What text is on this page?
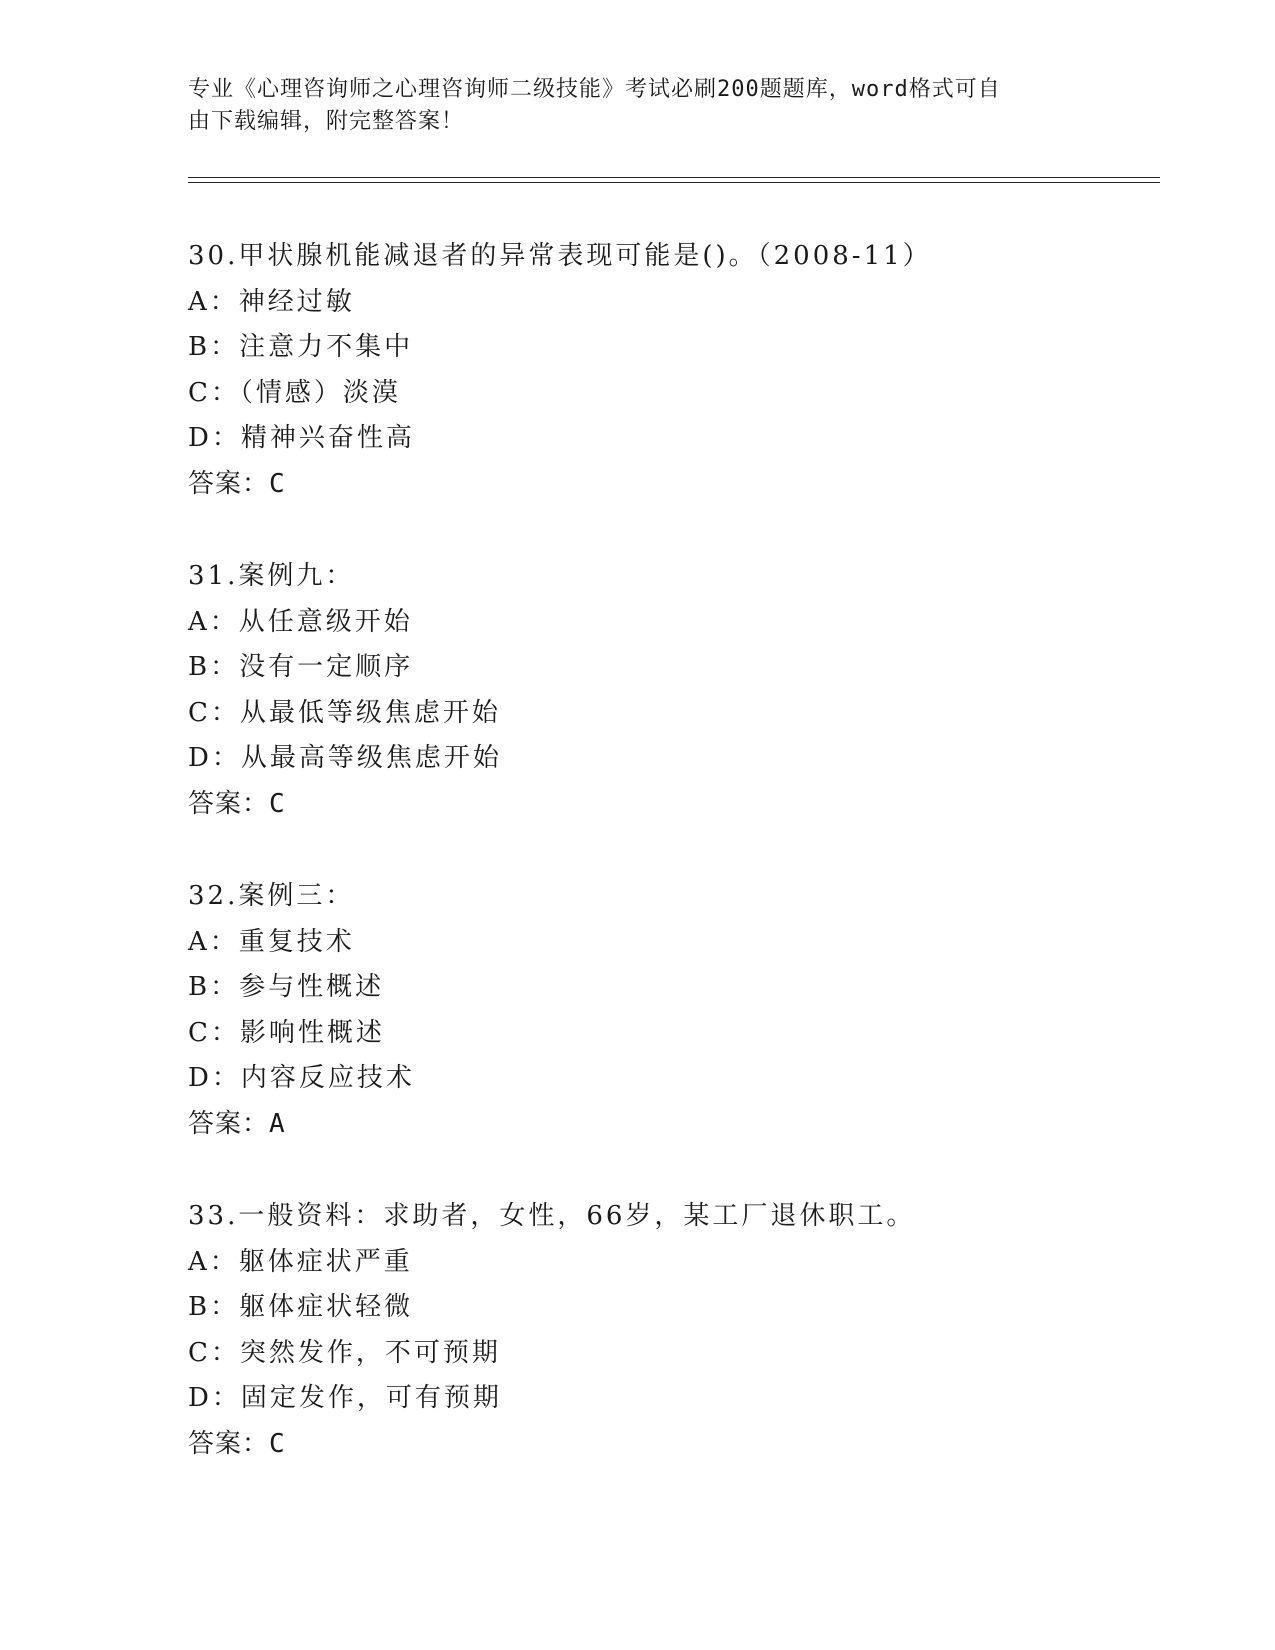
专业《心理咨询师之心理咨询师二级技能》考试必刷200题题库，word格式可自
由下载编辑，附完整答案！
30.甲状腺机能减退者的异常表现可能是()。（2008-11）
A：神经过敏
B：注意力不集中
C：（情感）淡漠
D：精神兴奋性高
答案：C
31.案例九：
A：从任意级开始
B：没有一定顺序
C：从最低等级焦虑开始
D：从最高等级焦虑开始
答案：C
32.案例三：
A：重复技术
B：参与性概述
C：影响性概述
D：内容反应技术
答案：A
33.一般资料：求助者，女性，66岁，某工厂退休职工。
A：躯体症状严重
B：躯体症状轻微
C：突然发作，不可预期
D：固定发作，可有预期
答案：C
